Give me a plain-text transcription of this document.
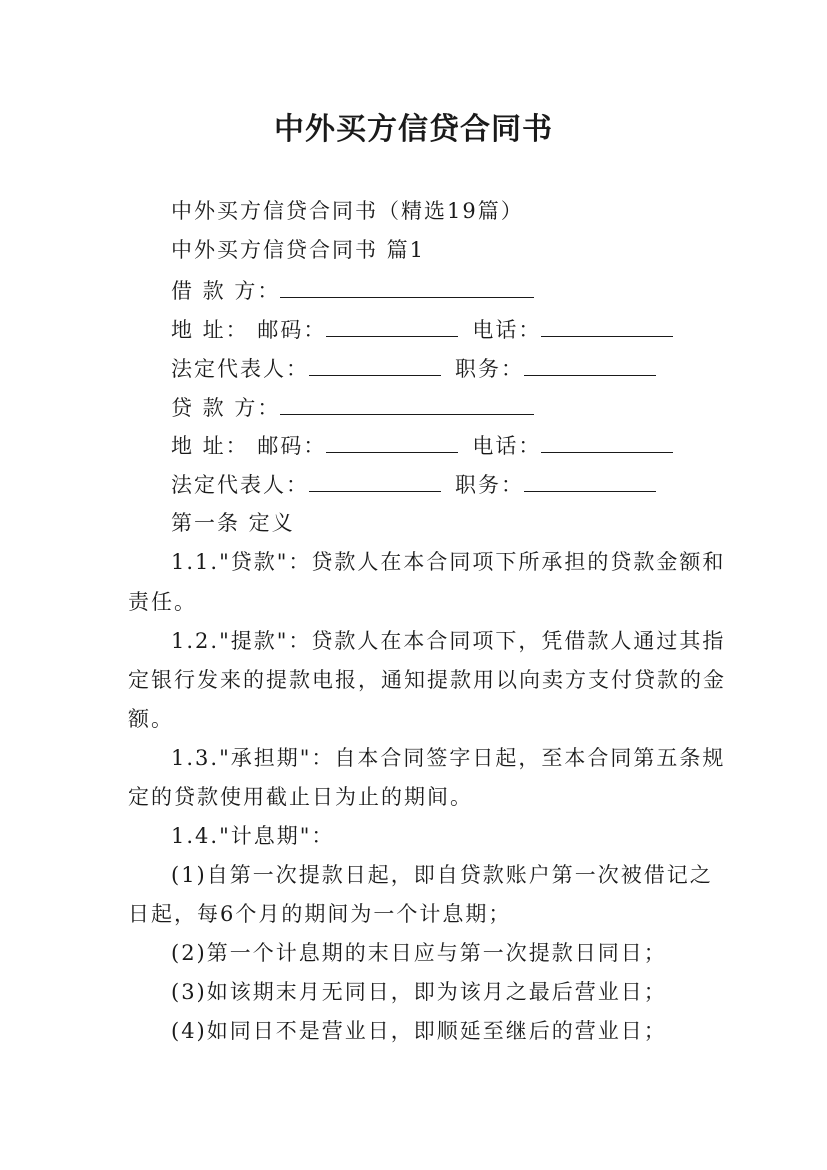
中外买方信贷合同书
中外买方信贷合同书（精选19篇）
中外买方信贷合同书 篇1
借 款 方：
地 址： 邮码：	电话：
法定代表人：	职务：
贷 款 方：
地 址： 邮码：	电话：
法定代表人：	职务：
第一条 定义
1.1."贷款"：贷款人在本合同项下所承担的贷款金额和
责任。
1.2."提款"：贷款人在本合同项下，凭借款人通过其指
定银行发来的提款电报，通知提款用以向卖方支付贷款的金
额。
1.3."承担期"：自本合同签字日起，至本合同第五条规
定的贷款使用截止日为止的期间。
1.4."计息期"：
(1)自第一次提款日起，即自贷款账户第一次被借记之
日起，每6个月的期间为一个计息期；
(2)第一个计息期的末日应与第一次提款日同日；
(3)如该期末月无同日，即为该月之最后营业日；
(4)如同日不是营业日，即顺延至继后的营业日；
